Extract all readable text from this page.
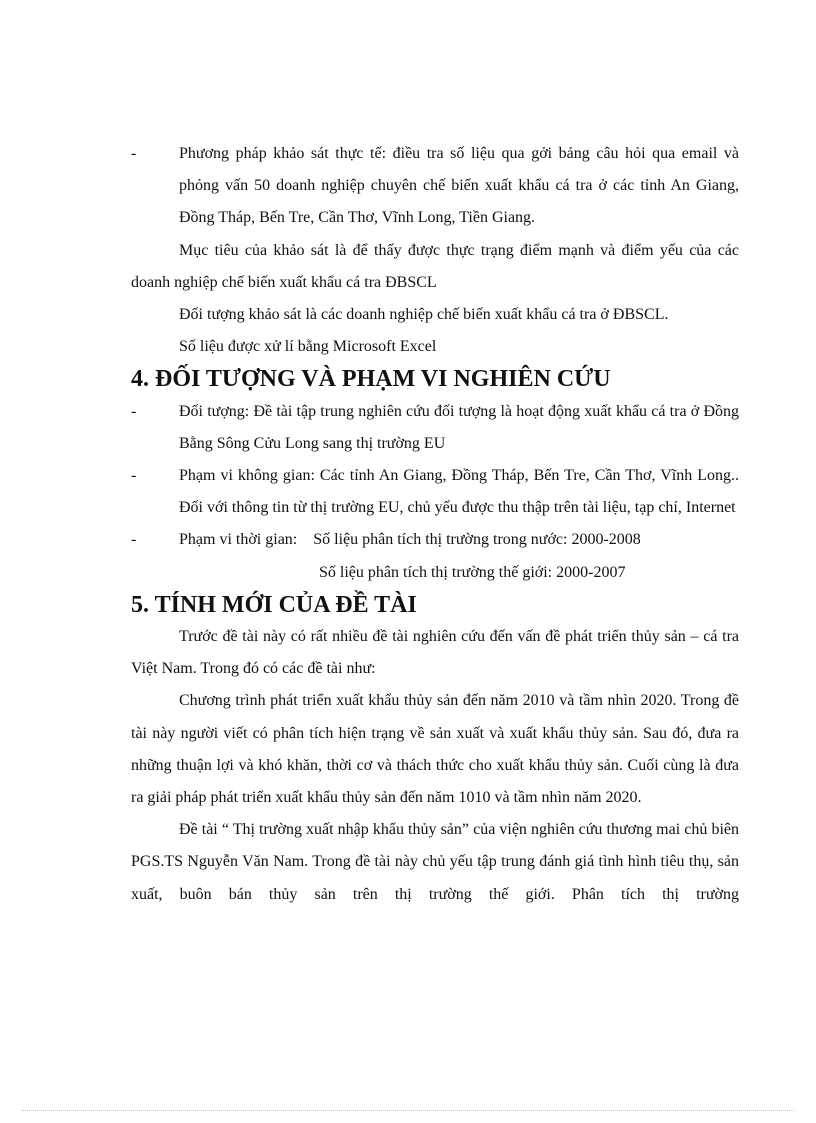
-	Phương pháp khảo sát thực tế: điều tra số liệu qua gởi bảng câu hỏi qua email và phỏng vấn 50 doanh nghiệp chuyên chế biến xuất khẩu cá tra ở các tỉnh An Giang, Đồng Tháp, Bến Tre, Cần Thơ, Vĩnh Long, Tiền Giang.

Mục tiêu của khảo sát là để thấy được thực trạng điểm mạnh và điểm yếu của các doanh nghiệp chế biến xuất khẩu cá tra ĐBSCL

Đối tượng khảo sát là các doanh nghiệp chế biến xuất khẩu cá tra ở ĐBSCL.

Số liệu được xử lí bằng Microsoft Excel

4. ĐỐI TƯỢNG VÀ PHẠM VI NGHIÊN CỨU

-	Đối tượng: Đề tài tập trung nghiên cứu đối tượng là hoạt động xuất khẩu cá tra ở Đồng Bằng Sông Cửu Long sang thị trường EU

-	Phạm vi không gian: Các tỉnh An Giang, Đồng Tháp, Bến Tre, Cần Thơ, Vĩnh Long.. Đối với thông tin từ thị trường EU, chủ yếu được thu thập trên tài liệu, tạp chí, Internet

-	Phạm vi thời gian: Số liệu phân tích thị trường trong nước: 2000-2008

Số liệu phân tích thị trường thế giới: 2000-2007

5. TÍNH MỚI CỦA ĐỀ TÀI

Trước đề tài này có rất nhiều đề tài nghiên cứu đến vấn đề phát triển thủy sản – cá tra Việt Nam. Trong đó có các đề tài như:

Chương trình phát triển xuất khẩu thủy sản đến năm 2010 và tầm nhìn 2020. Trong đề tài này người viết có phân tích hiện trạng về sản xuất và xuất khẩu thủy sản. Sau đó, đưa ra những thuận lợi và khó khăn, thời cơ và thách thức cho xuất khẩu thủy sản. Cuối cùng là đưa ra giải pháp phát triển xuất khẩu thủy sản đến năm 1010 và tầm nhìn năm 2020.

Đề tài “ Thị trường xuất nhập khẩu thủy sản” của viện nghiên cứu thương mai chủ biên PGS.TS Nguyễn Văn Nam. Trong đề tài này chủ yếu tập trung đánh giá tình hình tiêu thụ, sản xuất, buôn bán thủy sản trên thị trường thế giới. Phân tích thị trường
